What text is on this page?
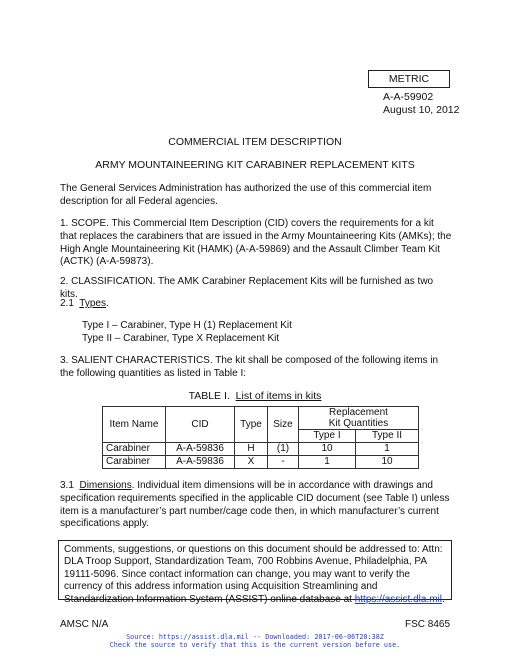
METRIC
A-A-59902
August 10, 2012
COMMERCIAL ITEM DESCRIPTION
ARMY MOUNTAINEERING KIT CARABINER REPLACEMENT KITS

The General Services Administration has authorized the use of this commercial item description for all Federal agencies.

1. SCOPE. This Commercial Item Description (CID) covers the requirements for a kit that replaces the carabiners that are issued in the Army Mountaineering Kits (AMKs); the High Angle Mountaineering Kit (HAMK) (A-A-59869) and the Assault Climber Team Kit (ACTK) (A-A-59873).

2. CLASSIFICATION. The AMK Carabiner Replacement Kits will be furnished as two kits.

2.1 Types.

Type I – Carabiner, Type H (1) Replacement Kit
Type II – Carabiner, Type X Replacement Kit

3. SALIENT CHARACTERISTICS. The kit shall be composed of the following items in the following quantities as listed in Table I:

TABLE I. List of items in kits
Item Name	CID	Type	Size	Replacement
Kit Quantities	

				Type I	Type II
Carabiner	A-A-59836	H	(1)	10	1
Carabiner	A-A-59836	X	-	1	10

3.1 Dimensions. Individual item dimensions will be in accordance with drawings and specification requirements specified in the applicable CID document (see Table I) unless item is a manufacturer’s part number/cage code then, in which manufacturer’s current specifications apply.

Comments, suggestions, or questions on this document should be addressed to: Attn: DLA Troop Support, Standardization Team, 700 Robbins Avenue, Philadelphia, PA 19111-5096. Since contact information can change, you may want to verify the currency of this address information using Acquisition Streamlining and Standardization Information System (ASSIST) online database at https://assist.dla.mil.
AMSC N/A	FSC 8465
Source: https://assist.dla.mil -- Downloaded: 2017-06-06T20:38Z
Check the source to verify that this is the current version before use.
